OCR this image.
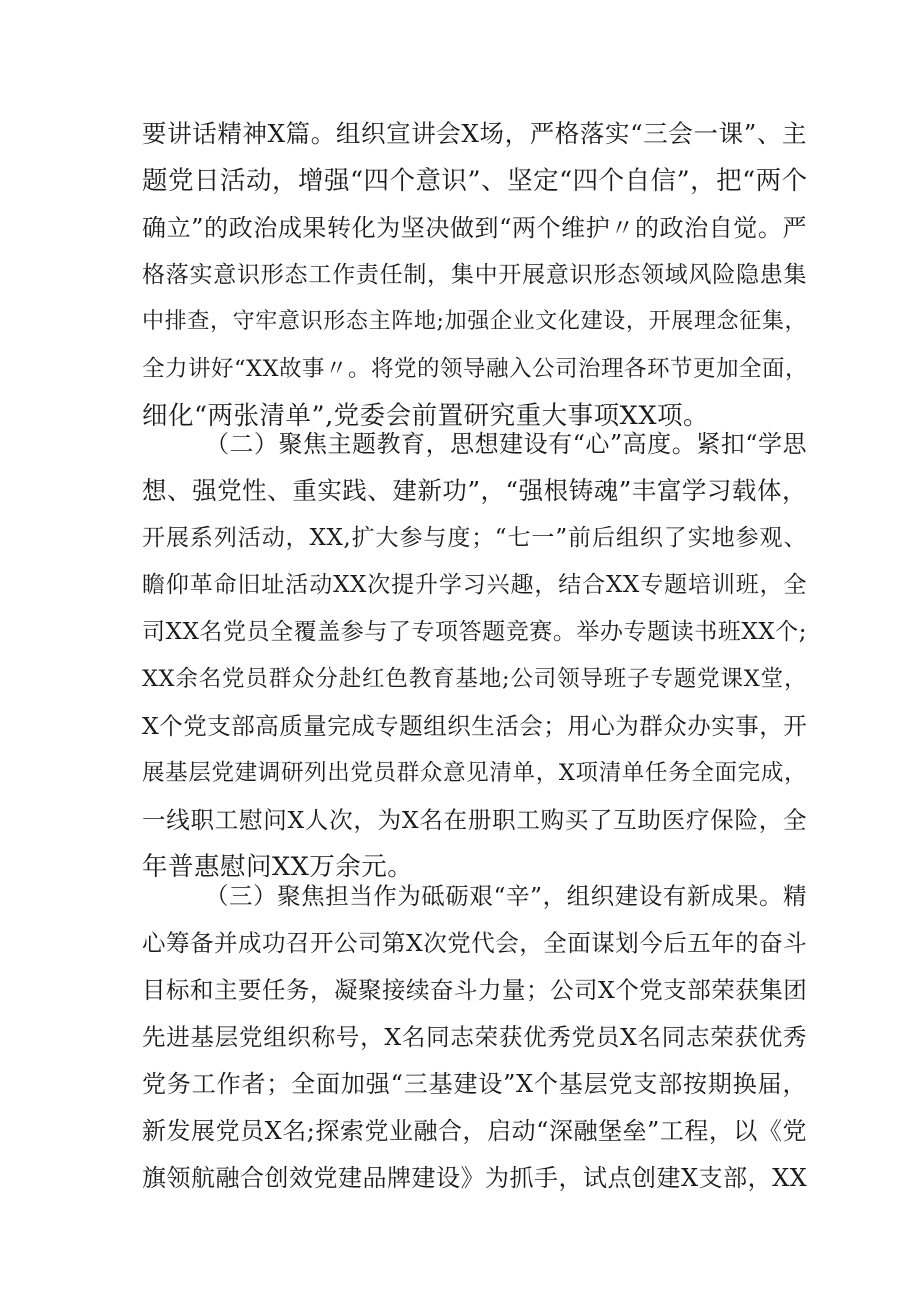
要讲话精神X篇。组织宣讲会X场，严格落实“三会一课”、主
题党日活动，增强“四个意识”、坚定“四个自信”，把“两个
确立”的政治成果转化为坚决做到“两个维护〃的政治自觉。严
格落实意识形态工作责任制，集中开展意识形态领域风险隐患集
中排查，守牢意识形态主阵地;加强企业文化建设，开展理念征集，
全力讲好“XX故事〃。将党的领导融入公司治理各环节更加全面，
细化“两张清单”,党委会前置研究重大事项XX项。
（二）聚焦主题教育，思想建设有“心”高度。紧扣“学思
想、强党性、重实践、建新功”，“强根铸魂”丰富学习载体，
开展系列活动，XX,扩大参与度；“七一”前后组织了实地参观、
瞻仰革命旧址活动XX次提升学习兴趣，结合XX专题培训班，全
司XX名党员全覆盖参与了专项答题竞赛。举办专题读书班XX个;
XX余名党员群众分赴红色教育基地;公司领导班子专题党课X堂，
X个党支部高质量完成专题组织生活会；用心为群众办实事，开
展基层党建调研列出党员群众意见清单，X项清单任务全面完成，
一线职工慰问X人次，为X名在册职工购买了互助医疗保险，全
年普惠慰问XX万余元。
（三）聚焦担当作为砥砺艰“辛”，组织建设有新成果。精
心筹备并成功召开公司第X次党代会，全面谋划今后五年的奋斗
目标和主要任务，凝聚接续奋斗力量；公司X个党支部荣获集团
先进基层党组织称号，X名同志荣获优秀党员X名同志荣获优秀
党务工作者；全面加强“三基建设”X个基层党支部按期换届，
新发展党员X名;探索党业融合，启动“深融堡垒”工程，以《党
旗领航融合创效党建品牌建设》为抓手，试点创建X支部，XX
